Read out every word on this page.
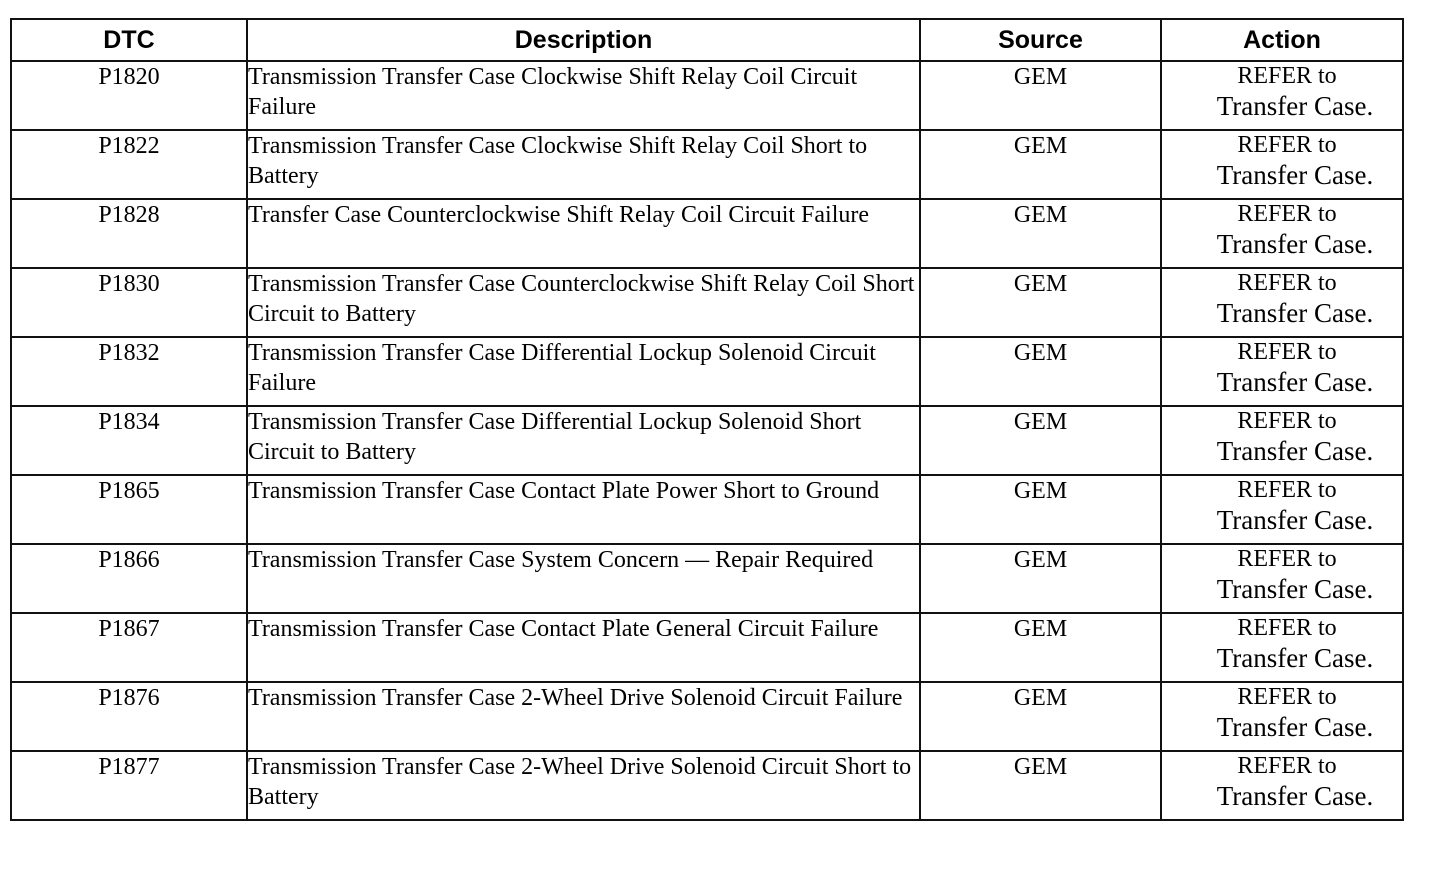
DTC	Description	Source	Action
P1820	Transmission Transfer Case Clockwise Shift Relay Coil Circuit Failure	GEM	REFER to
Transfer Case.

P1822	Transmission Transfer Case Clockwise Shift Relay Coil Short to Battery	GEM	REFER to
Transfer Case.

P1828	Transfer Case Counterclockwise Shift Relay Coil Circuit Failure	GEM	REFER to
Transfer Case.

P1830	Transmission Transfer Case Counterclockwise Shift Relay Coil Short Circuit to Battery	GEM	REFER to
Transfer Case.

P1832	Transmission Transfer Case Differential Lockup Solenoid Circuit Failure	GEM	REFER to
Transfer Case.

P1834	Transmission Transfer Case Differential Lockup Solenoid Short Circuit to Battery	GEM	REFER to
Transfer Case.

P1865	Transmission Transfer Case Contact Plate Power Short to Ground	GEM	REFER to
Transfer Case.

P1866	Transmission Transfer Case System Concern — Repair Required	GEM	REFER to
Transfer Case.

P1867	Transmission Transfer Case Contact Plate General Circuit Failure	GEM	REFER to
Transfer Case.

P1876	Transmission Transfer Case 2-Wheel Drive Solenoid Circuit Failure	GEM	REFER to
Transfer Case.

P1877	Transmission Transfer Case 2-Wheel Drive Solenoid Circuit Short to Battery	GEM	REFER to
Transfer Case.
